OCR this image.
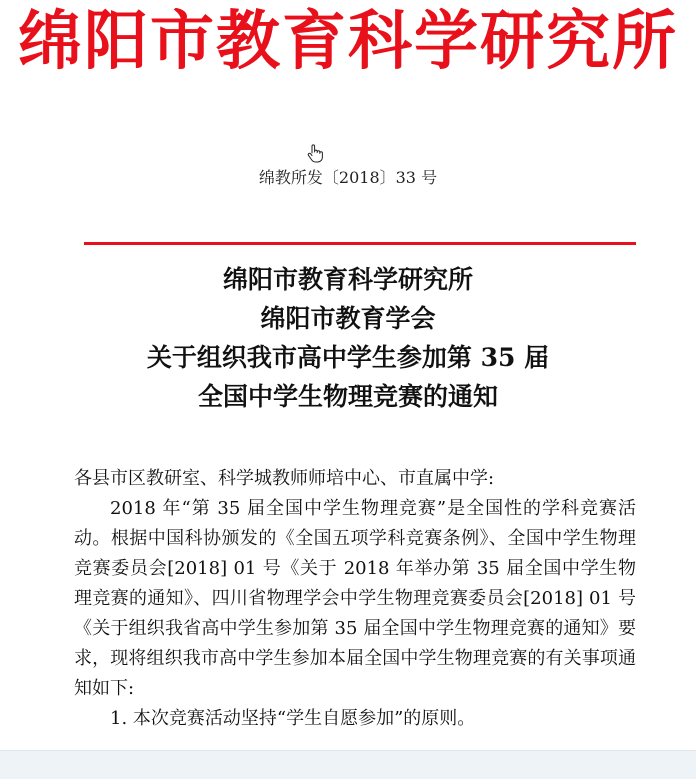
绵阳市教育科学研究所
绵教所发〔2018〕33 号
绵阳市教育科学研究所
绵阳市教育学会
关于组织我市高中学生参加第 35 届
全国中学生物理竞赛的通知

各县市区教研室、科学城教师师培中心、市直属中学:

2018 年“第 35 届全国中学生物理竞赛”是全国性的学科竞赛活动。根据中国科协颁发的《全国五项学科竞赛条例》、全国中学生物理竞赛委员会[2018] 01 号《关于 2018 年举办第 35 届全国中学生物理竞赛的通知》、四川省物理学会中学生物理竞赛委员会[2018] 01 号《关于组织我省高中学生参加第 35 届全国中学生物理竞赛的通知》要求，现将组织我市高中学生参加本届全国中学生物理竞赛的有关事项通知如下:

1. 本次竞赛活动坚持“学生自愿参加”的原则。
